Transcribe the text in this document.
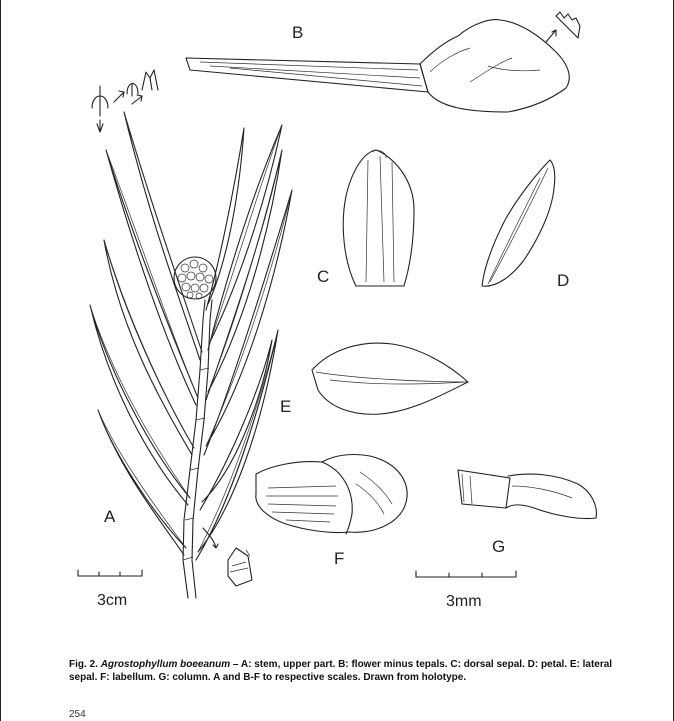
B
C	D
E
A
F
G
3cm	3mm
Fig. 2. Agrostophyllum boeeanum – A: stem, upper part. B: flower minus tepals. C: dorsal sepal. D: petal. E: lateral sepal. F: labellum. G: column. A and B-F to respective scales. Drawn from holotype.
254
